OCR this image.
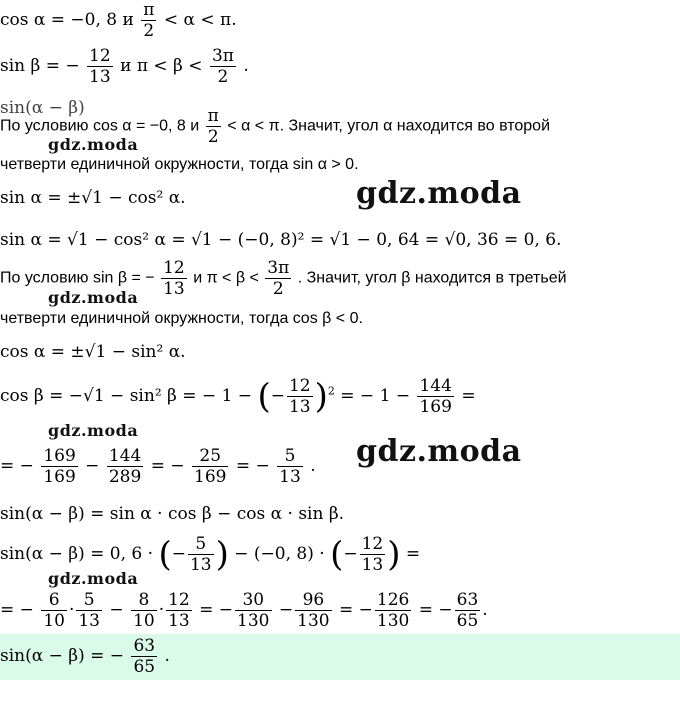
cos α = −0, 8 и $\frac{\pi}{2} < \alpha < \pi$.
sin β = − $\frac{12}{13}$ и $\pi < \beta < \frac{3\pi}{2}$ .
sin(α − β)
По условию cos α = −0, 8 и $\frac{\pi}{2} < \alpha < \pi$. Значит, угол α находится во второй
gdz.moda
четверти единичной окружности, тогда sin α > 0.
sin α = ±√1 − cos² α.	gdz.moda
sin α = √1 − cos² α = √1 − (−0, 8)² = √1 − 0, 64 = √0, 36 = 0, 6.
По условию sin β = − $\frac{12}{13}$ и $\pi < \beta < \frac{3\pi}{2}$ . Значит, угол β находится в третьей
gdz.moda
четверти единичной окружности, тогда cos β < 0.
cos α = ±√1 − sin² α.
cos β = −√1 − sin² β = − 1 − (− $\frac{12}{13} )^2$ = − $1 - \frac{144}{169}$ =
gdz.moda
= − $\frac{169}{169} - \frac{144}{289}$ = − $\frac{25}{169}$ = − $\frac{5}{13}$ . gdz.moda
sin(α − β) = sin α · cos β − cos α · sin β.
sin(α − β) = 0, 6 · (− $\frac{5}{13}$ ) − (−0, 8) · (− $\frac{12}{13}$ ) =
gdz.moda
= − $\frac{6}{10} \cdot \frac{5}{13} - \frac{8}{10} \cdot \frac{12}{13}$ = − $\frac{30}{130} - \frac{96}{130}$ = − $\frac{126}{130}$ = − $\frac{63}{65}$ .
sin(α − β) = − $\frac{63}{65}$ .
